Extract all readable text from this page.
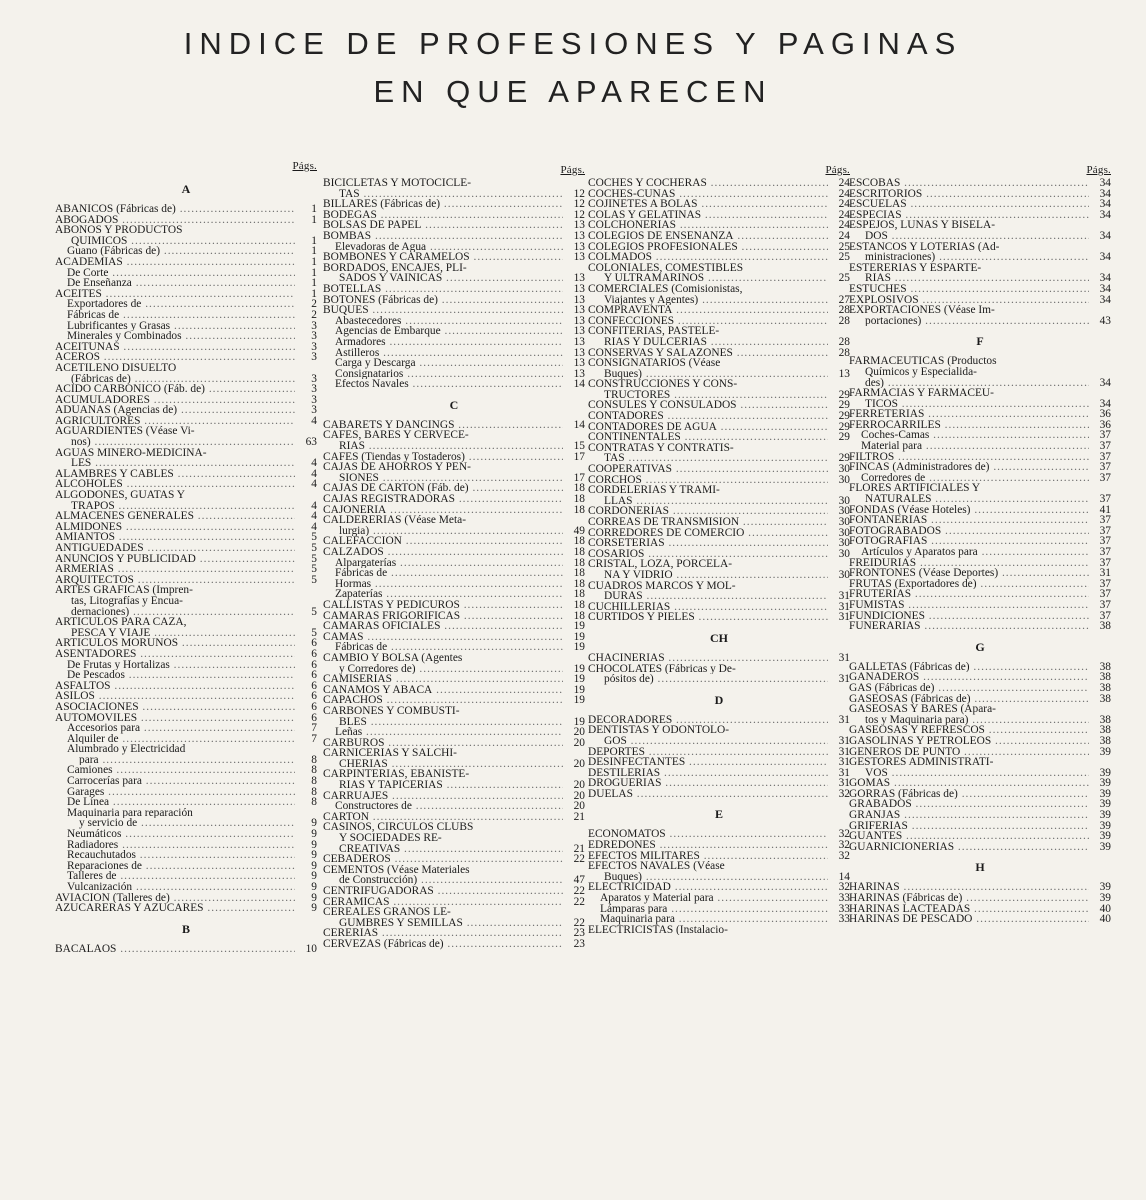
INDICE DE PROFESIONES Y PAGINAS
EN QUE APARECEN
Págs.
A
ABANICOS (Fábricas de) .....	1
ABOGADOS .....	1
ABONOS Y PRODUCTOS
QUIMICOS .....	1
Guano (Fábricas de) .....	1
ACADEMIAS .....	1
De Corte .....	1
De Enseñanza .....	1
ACEITES .....	1
Exportadores de .....	2
Fábricas de .....	2
Lubrificantes y Grasas .....	3
Minerales y Combinados .....	3
ACEITUNAS .....	3
ACEROS .....	3
ACETILENO DISUELTO
(Fábricas de) .....	3
ACIDO CARBONICO (Fáb. de) .....	3
ACUMULADORES .....	3
ADUANAS (Agencias de) .....	3
AGRICULTORES .....	4
AGUARDIENTES (Véase Vi-
nos) .....	63
AGUAS MINERO-MEDICINA-
LES .....	4
ALAMBRES Y CABLES .....	4
ALCOHOLES .....	4
ALGODONES, GUATAS Y
TRAPOS .....	4
ALMACENES GENERALES .....	4
ALMIDONES .....	4
AMIANTOS .....	5
ANTIGUEDADES .....	5
ANUNCIOS Y PUBLICIDAD .....	5
ARMERIAS .....	5
ARQUITECTOS .....	5
ARTES GRAFICAS (Impren-
tas, Litografías y Encua-
dernaciones) .....	5
ARTICULOS PARA CAZA,
PESCA Y VIAJE .....	5
ARTICULOS MORUNOS .....	6
ASENTADORES .....	6
De Frutas y Hortalizas .....	6
De Pescados .....	6
ASFALTOS .....	6
ASILOS .....	6
ASOCIACIONES .....	6
AUTOMOVILES .....	6
Accesorios para .....	7
Alquiler de .....	7
Alumbrado y Electricidad
para .....	8
Camiones .....	8
Carrocerías para .....	8
Garages .....	8
De Línea .....	8
Maquinaria para reparación
y servicio de .....	9
Neumáticos .....	9
Radiadores .....	9
Recauchutados .....	9
Reparaciones de .....	9
Talleres de .....	9
Vulcanización .....	9
AVIACION (Talleres de) .....	9
AZUCARERAS Y AZUCARES .....	9
B
BACALAOS .....	10
Págs.
BICICLETAS Y MOTOCICLE-
TAS .....	12
BILLARES (Fábricas de) .....	12
BODEGAS .....	12
BOLSAS DE PAPEL .....	13
BOMBAS .....	13
Elevadoras de Agua .....	13
BOMBONES Y CARAMELOS .....	13
BORDADOS, ENCAJES, PLI-
SADOS Y VAINICAS .....	13
BOTELLAS .....	13
BOTONES (Fábricas de) .....	13
BUQUES .....	13
Abastecedores .....	13
Agencias de Embarque .....	13
Armadores .....	13
Astilleros .....	13
Carga y Descarga .....	13
Consignatarios .....	13
Efectos Navales .....	14
C
CABARETS Y DANCINGS .....	14
CAFES, BARES Y CERVECE-
RIAS .....	15
CAFES (Tiendas y Tostaderos) .....	17
CAJAS DE AHORROS Y PEN-
SIONES .....	17
CAJAS DE CARTON (Fáb. de) .....	18
CAJAS REGISTRADORAS .....	18
CAJONERIA .....	18
CALDERERIAS (Véase Meta-
lurgia) .....	49
CALEFACCION .....	18
CALZADOS .....	18
Alpargaterías .....	18
Fábricas de .....	18
Hormas .....	18
Zapaterías .....	18
CALLISTAS Y PEDICUROS .....	18
CAMARAS FRIGORIFICAS .....	18
CAMARAS OFICIALES .....	19
CAMAS .....	19
Fábricas de .....	19
CAMBIO Y BOLSA (Agentes
y Corredores de) .....	19
CAMISERIAS .....	19
CAÑAMOS Y ABACA .....	19
CAPACHOS .....	19
CARBONES Y COMBUSTI-
BLES .....	19
Leñas .....	20
CARBUROS .....	20
CARNICERIAS Y SALCHI-
CHERIAS .....	20
CARPINTERIAS, EBANISTE-
RIAS Y TAPICERIAS .....	20
CARRUAJES .....	20
Constructores de .....	20
CARTON .....	21
CASINOS, CIRCULOS CLUBS
Y SOCIEDADES RE-
CREATIVAS .....	21
CEBADEROS .....	22
CEMENTOS (Véase Materiales
de Construcción) .....	47
CENTRIFUGADORAS .....	22
CERAMICAS .....	22
CEREALES GRANOS LE-
GUMBRES Y SEMILLAS .....	22
CERERIAS .....	23
CERVEZAS (Fábricas de) .....	23
Págs.
COCHES Y COCHERAS .....	24
COCHES-CUNAS .....	24
COJINETES A BOLAS .....	24
COLAS Y GELATINAS .....	24
COLCHONERIAS .....	24
COLEGIOS DE ENSEÑANZA .....	24
COLEGIOS PROFESIONALES .....	25
COLMADOS .....	25
COLONIALES, COMESTIBLES
Y ULTRAMARINOS .....	25
COMERCIALES (Comisionistas,
Viajantes y Agentes) .....	27
COMPRAVENTA .....	28
CONFECCIONES .....	28
CONFITERIAS, PASTELE-
RIAS Y DULCERIAS .....	28
CONSERVAS Y SALAZONES .....	28
CONSIGNATARIOS (Véase
Buques) .....	13
CONSTRUCCIONES Y CONS-
TRUCTORES .....	29
CONSULES Y CONSULADOS .....	29
CONTADORES .....	29
CONTADORES DE AGUA .....	29
CONTINENTALES .....	29
CONTRATAS Y CONTRATIS-
TAS .....	29
COOPERATIVAS .....	30
CORCHOS .....	30
CORDELERIAS Y TRAMI-
LLAS .....	30
CORDONERIAS .....	30
CORREAS DE TRANSMISION .....	30
CORREDORES DE COMERCIO .....	30
CORSETERIAS .....	30
COSARIOS .....	30
CRISTAL, LOZA, PORCELA-
NA Y VIDRIO .....	30
CUADROS MARCOS Y MOL-
DURAS .....	31
CUCHILLERIAS .....	31
CURTIDOS Y PIELES .....	31
CH
CHACINERIAS .....	31
CHOCOLATES (Fábricas y De-
pósitos de) .....	31
D
DECORADORES .....	31
DENTISTAS Y ODONTOLO-
GOS .....	31
DEPORTES .....	31
DESINFECTANTES .....	31
DESTILERIAS .....	31
DROGUERIAS .....	31
DUELAS .....	32
E
ECONOMATOS .....	32
EDREDONES .....	32
EFECTOS MILITARES .....	32
EFECTOS NAVALES (Véase
Buques) .....	14
ELECTRICIDAD .....	32
Aparatos y Material para .....	33
Lámparas para .....	33
Maquinaria para .....	33
ELECTRICISTAS (Instalacio-
Págs.
ESCOBAS .....	34
ESCRITORIOS .....	34
ESCUELAS .....	34
ESPECIAS .....	34
ESPEJOS, LUNAS Y BISELA-
DOS .....	34
ESTANCOS Y LOTERIAS (Ad-
ministraciones) .....	34
ESTERERIAS Y ESPARTE-
RIAS .....	34
ESTUCHES .....	34
EXPLOSIVOS .....	34
EXPORTACIONES (Véase Im-
portaciones) .....	43
F
FARMACEUTICAS (Productos
Químicos y Especialida-
des) .....	34
FARMACIAS Y FARMACEU-
TICOS .....	34
FERRETERIAS .....	36
FERROCARRILES .....	36
Coches-Camas .....	37
Material para .....	37
FILTROS .....	37
FINCAS (Administradores de) .....	37
Corredores de .....	37
FLORES ARTIFICIALES Y
NATURALES .....	37
FONDAS (Véase Hoteles) .....	41
FONTANERIAS .....	37
FOTOGRABADOS .....	37
FOTOGRAFIAS .....	37
Artículos y Aparatos para .....	37
FREIDURIAS .....	37
FRONTONES (Véase Deportes) .....	31
FRUTAS (Exportadores de) .....	37
FRUTERIAS .....	37
FUMISTAS .....	37
FUNDICIONES .....	37
FUNERARIAS .....	38
G
GALLETAS (Fábricas de) .....	38
GANADEROS .....	38
GAS (Fábricas de) .....	38
GASEOSAS (Fábricas de) .....	38
GASEOSAS Y BARES (Apara-
tos y Maquinaria para) .....	38
GASEOSAS Y REFRESCOS .....	38
GASOLINAS Y PETROLEOS .....	38
GENEROS DE PUNTO .....	39
GESTORES ADMINISTRATI-
VOS .....	39
GOMAS .....	39
GORRAS (Fábricas de) .....	39
GRABADOS .....	39
GRANJAS .....	39
GRIFERIAS .....	39
GUANTES .....	39
GUARNICIONERIAS .....	39
H
HARINAS .....	39
HARINAS (Fábricas de) .....	39
HARINAS LACTEADAS .....	40
HARINAS DE PESCADO .....	40
